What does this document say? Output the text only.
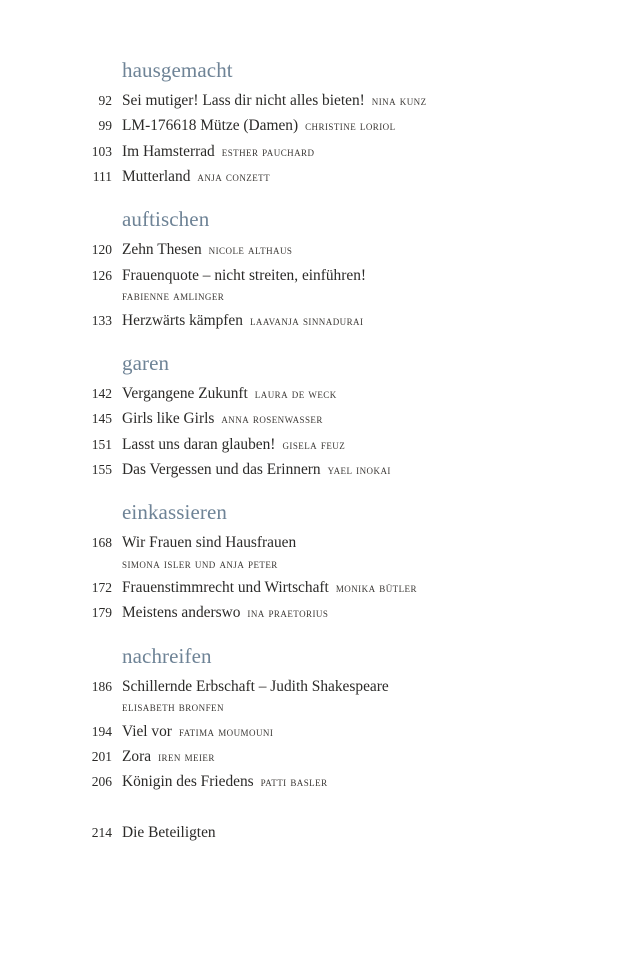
hausgemacht
92 Sei mutiger! Lass dir nicht alles bieten! nina kunz
99 LM-176618 Mütze (Damen) christine loriol
103 Im Hamsterrad esther pauchard
111 Mutterland anja conzett
auftischen
120 Zehn Thesen nicole althaus
126 Frauenquote – nicht streiten, einführen!
fabienne amlinger
133 Herzwärts kämpfen laavanja sinnadurai
garen
142 Vergangene Zukunft laura de weck
145 Girls like Girls anna rosenwasser
151 Lasst uns daran glauben! gisela feuz
155 Das Vergessen und das Erinnern yael inokai
einkassieren
168 Wir Frauen sind Hausfrauen
simona isler und anja peter
172 Frauenstimmrecht und Wirtschaft monika bütler
179 Meistens anderswo ina praetorius
nachreifen
186 Schillernde Erbschaft – Judith Shakespeare
elisabeth bronfen
194 Viel vor fatima moumouni
201 Zora iren meier
206 Königin des Friedens patti basler
214 Die Beteiligten
